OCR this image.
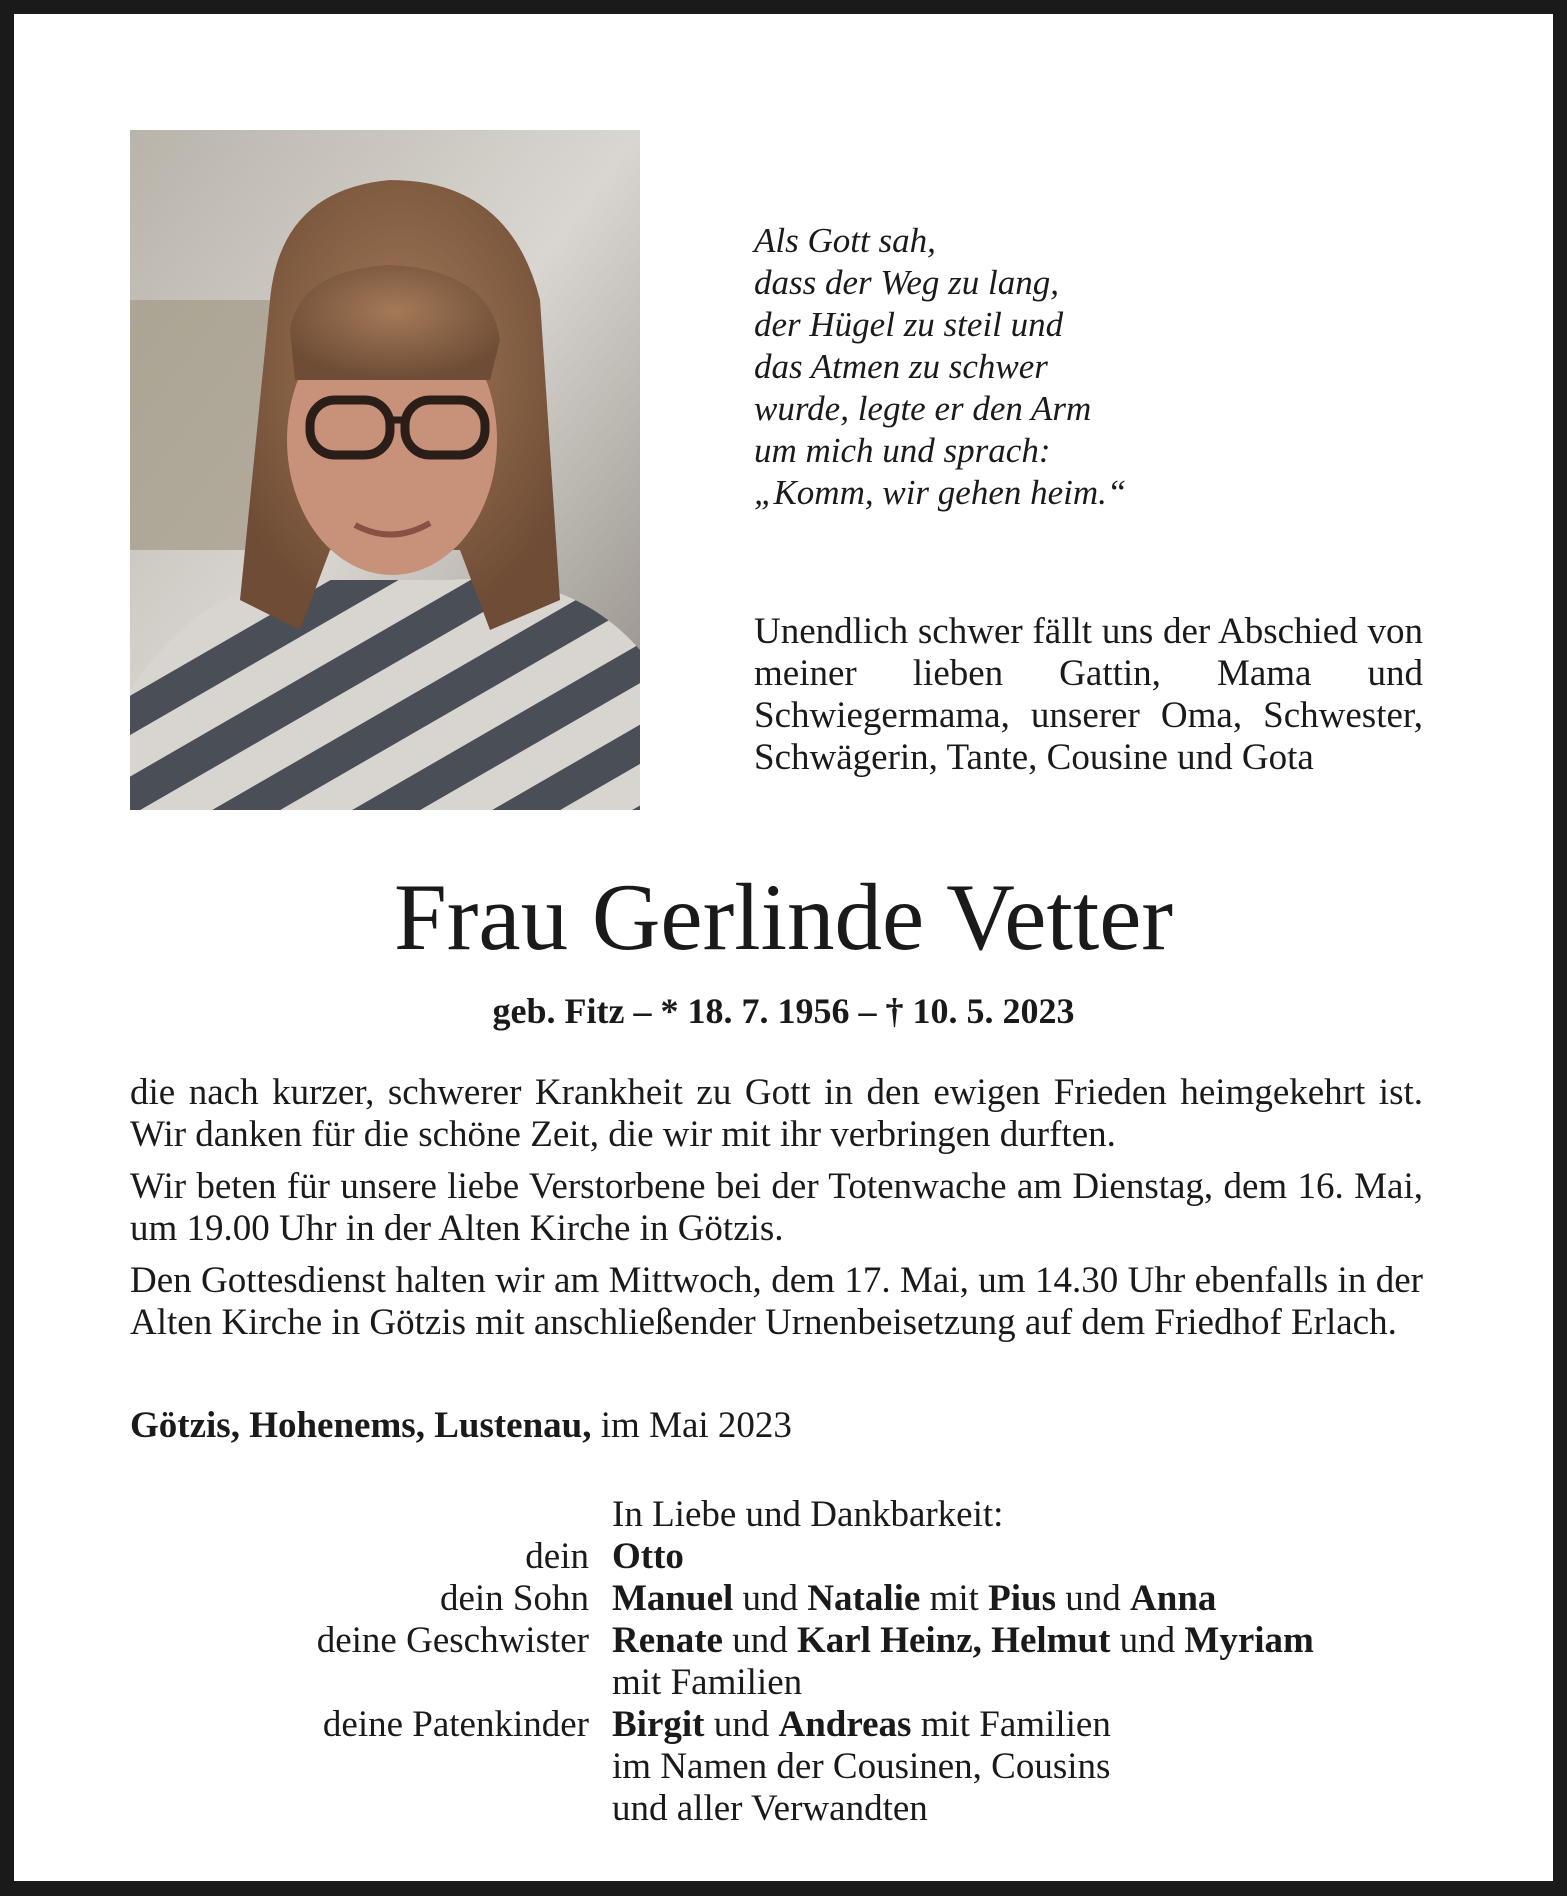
Als Gott sah,
dass der Weg zu lang,
der Hügel zu steil und
das Atmen zu schwer
wurde, legte er den Arm
um mich und sprach:
„Komm, wir gehen heim.“
Unendlich schwer fällt uns der Abschied von meiner lieben Gattin, Mama und Schwiegermama, unserer Oma, Schwester, Schwägerin, Tante, Cousine und Gota
Frau Gerlinde Vetter
geb. Fitz – * 18. 7. 1956 – † 10. 5. 2023

die nach kurzer, schwerer Krankheit zu Gott in den ewigen Frieden heimgekehrt ist. Wir danken für die schöne Zeit, die wir mit ihr verbringen durften.

Wir beten für unsere liebe Verstorbene bei der Totenwache am Dienstag, dem 16. Mai, um 19.00 Uhr in der Alten Kirche in Götzis.

Den Gottesdienst halten wir am Mittwoch, dem 17. Mai, um 14.30 Uhr ebenfalls in der Alten Kirche in Götzis mit anschließender Urnenbeisetzung auf dem Friedhof Erlach.

Götzis, Hohenems, Lustenau, im Mai 2023
In Liebe und Dankbarkeit:
dein Otto
dein Sohn Manuel und Natalie mit Pius und Anna
deine Geschwister Renate und Karl Heinz, Helmut und Myriam
mit Familien
deine Patenkinder Birgit und Andreas mit Familien
im Namen der Cousinen, Cousins
und aller Verwandten
